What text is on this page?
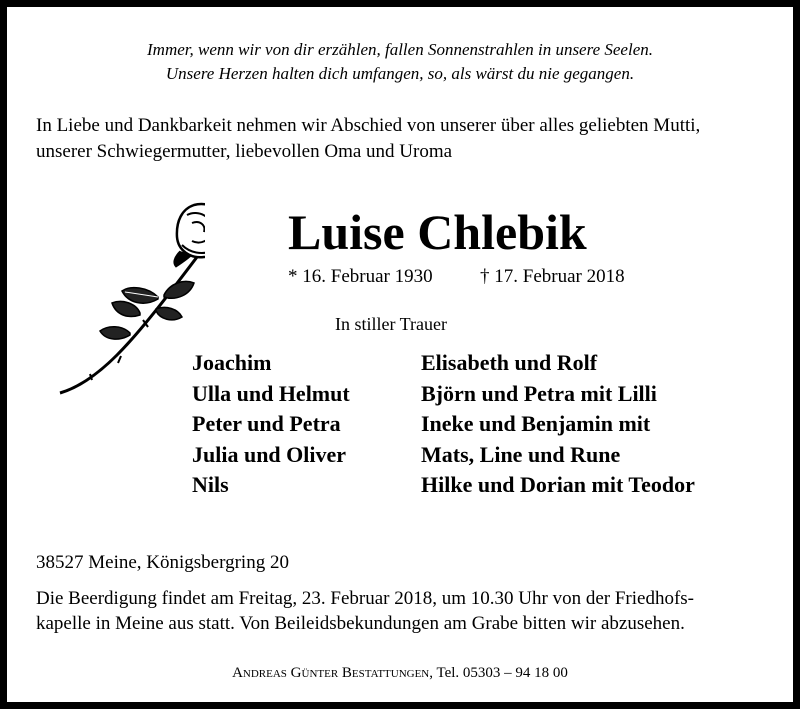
Immer, wenn wir von dir erzählen, fallen Sonnenstrahlen in unsere Seelen.
Unsere Herzen halten dich umfangen, so, als wärst du nie gegangen.
In Liebe und Dankbarkeit nehmen wir Abschied von unserer über alles geliebten Mutti,
unserer Schwiegermutter, liebevollen Oma und Uroma
Luise Chlebik
* 16. Februar 1930 † 17. Februar 2018
In stiller Trauer
Joachim
Ulla und Helmut
Peter und Petra
Julia und Oliver
Nils
Elisabeth und Rolf
Björn und Petra mit Lilli
Ineke und Benjamin mit
Mats, Line und Rune
Hilke und Dorian mit Teodor
38527 Meine, Königsbergring 20
Die Beerdigung findet am Freitag, 23. Februar 2018, um 10.30 Uhr von der Friedhofs-
kapelle in Meine aus statt. Von Beileidsbekundungen am Grabe bitten wir abzusehen.
Andreas Günter Bestattungen, Tel. 05303 – 94 18 00
